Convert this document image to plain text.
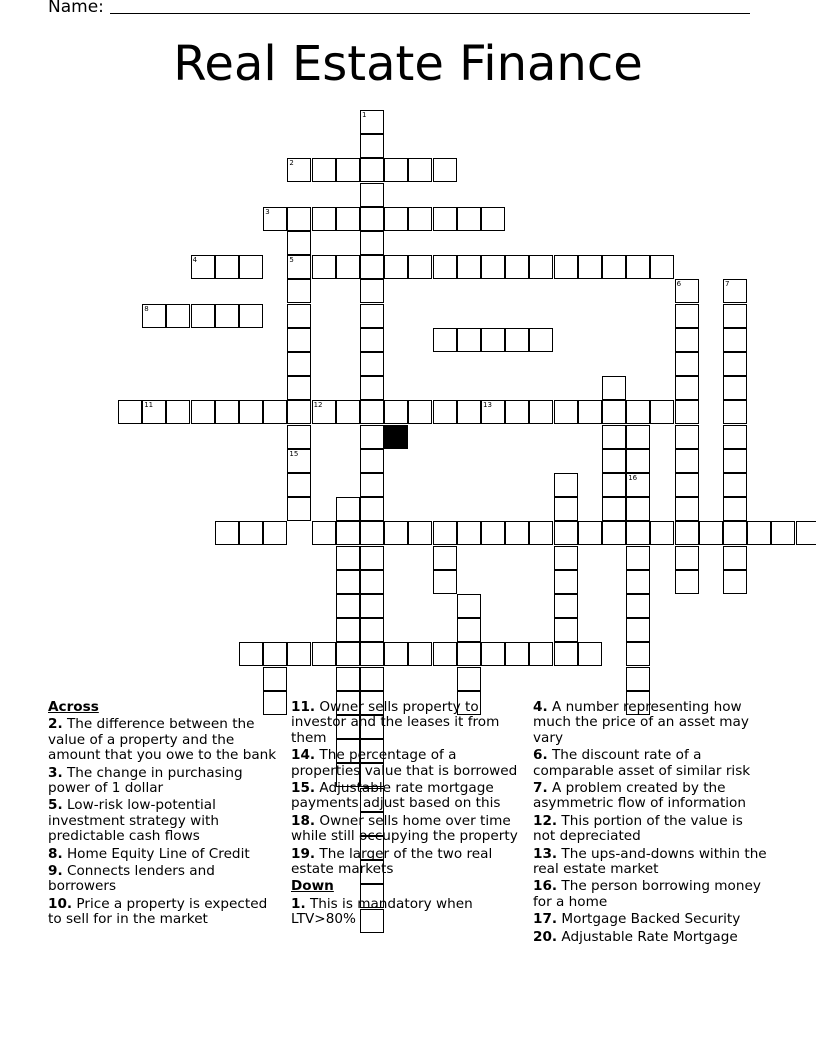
Name:
Real Estate Finance
1
2
3
4	5
15
8
11	12	13
16
6	7

Across

2. The difference between the value of a property and the amount that you owe to the bank

3. The change in purchasing power of 1 dollar

5. Low-risk low-potential investment strategy with predictable cash flows

8. Home Equity Line of Credit

9. Connects lenders and borrowers

10. Price a property is expected to sell for in the market

11. Owner sells property to investor and the leases it from them

14. The percentage of a properties value that is borrowed

15. Adjustable rate mortgage payments adjust based on this

18. Owner sells home over time while still occupying the property

19. The larger of the two real estate markets

Down

1. This is mandatory when LTV>80%

4. A number representing how much the price of an asset may vary

6. The discount rate of a comparable asset of similar risk

7. A problem created by the asymmetric flow of information

12. This portion of the value is not depreciated

13. The ups-and-downs within the real estate market

16. The person borrowing money for a home

17. Mortgage Backed Security

20. Adjustable Rate Mortgage
